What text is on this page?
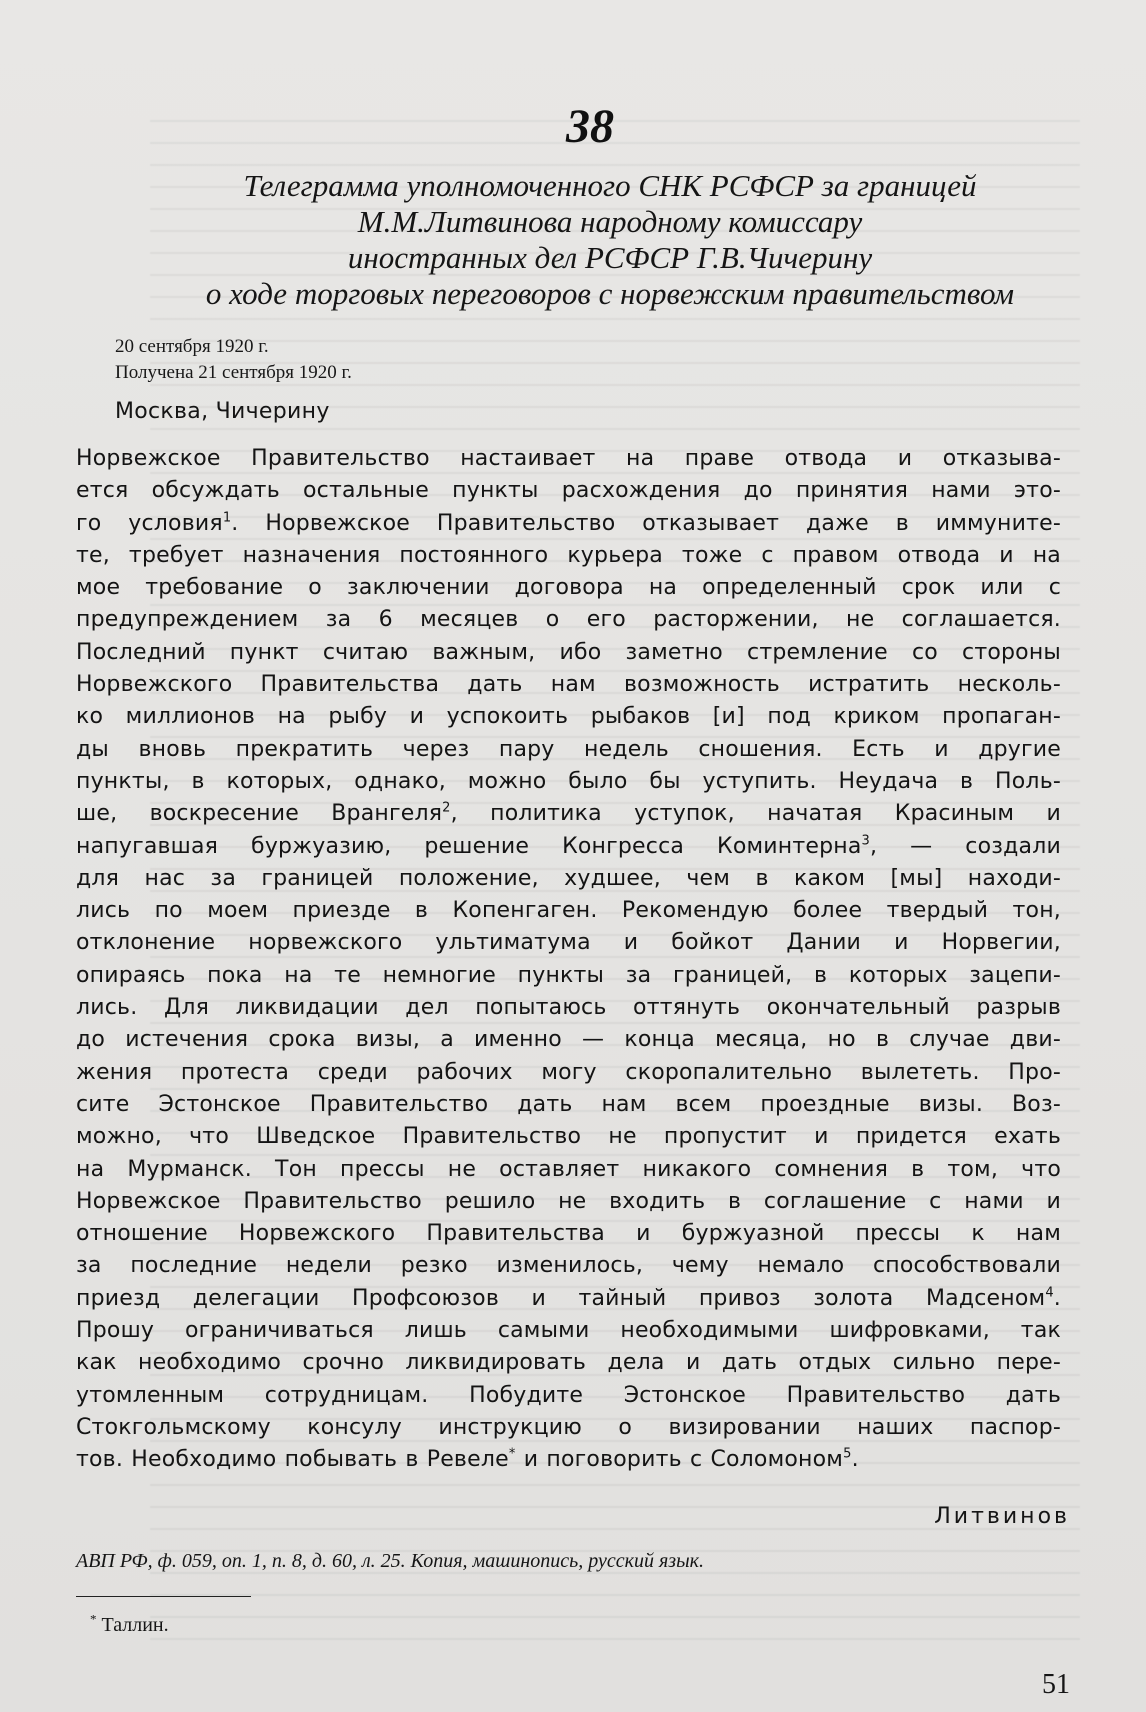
38
Телеграмма уполномоченного СНК РСФСР за границей
М.М.Литвинова народному комиссару
иностранных дел РСФСР Г.В.Чичерину
о ходе торговых переговоров с норвежским правительством
20 сентября 1920 г.
Получена 21 сентября 1920 г.
Москва, Чичерину
Норвежское Правительство настаивает на праве отвода и отказыва-
ется обсуждать остальные пункты расхождения до принятия нами это-
го условия$^1$. Норвежское Правительство отказывает даже в иммуните-
те, требует назначения постоянного курьера тоже с правом отвода и на
мое требование о заключении договора на определенный срок или с
предупреждением за 6 месяцев о его расторжении, не соглашается.
Последний пункт считаю важным, ибо заметно стремление со стороны
Норвежского Правительства дать нам возможность истратить несколь-
ко миллионов на рыбу и успокоить рыбаков [и] под криком пропаган-
ды вновь прекратить через пару недель сношения. Есть и другие
пункты, в которых, однако, можно было бы уступить. Неудача в Поль-
ше, воскресение Врангеля$^2$, политика уступок, начатая Красиным и
напугавшая буржуазию, решение Конгресса Коминтерна$^3$, — создали
для нас за границей положение, худшее, чем в каком [мы] находи-
лись по моем приезде в Копенгаген. Рекомендую более твердый тон,
отклонение норвежского ультиматума и бойкот Дании и Норвегии,
опираясь пока на те немногие пункты за границей, в которых зацепи-
лись. Для ликвидации дел попытаюсь оттянуть окончательный разрыв
до истечения срока визы, а именно — конца месяца, но в случае дви-
жения протеста среди рабочих могу скоропалительно вылететь. Про-
сите Эстонское Правительство дать нам всем проездные визы. Воз-
можно, что Шведское Правительство не пропустит и придется ехать
на Мурманск. Тон прессы не оставляет никакого сомнения в том, что
Норвежское Правительство решило не входить в соглашение с нами и
отношение Норвежского Правительства и буржуазной прессы к нам
за последние недели резко изменилось, чему немало способствовали
приезд делегации Профсоюзов и тайный привоз золота Мадсеном$^4$.
Прошу ограничиваться лишь самыми необходимыми шифровками, так
как необходимо срочно ликвидировать дела и дать отдых сильно пере-
утомленным сотрудницам. Побудите Эстонское Правительство дать
Стокгольмскому консулу инструкцию о визировании наших паспор-
тов. Необходимо побывать в Ревеле* и поговорить с Соломоном$^5$.
Литвинов
АВП РФ, ф. 059, оп. 1, п. 8, д. 60, л. 25. Копия, машинопись, русский язык.
* Таллин.
51
